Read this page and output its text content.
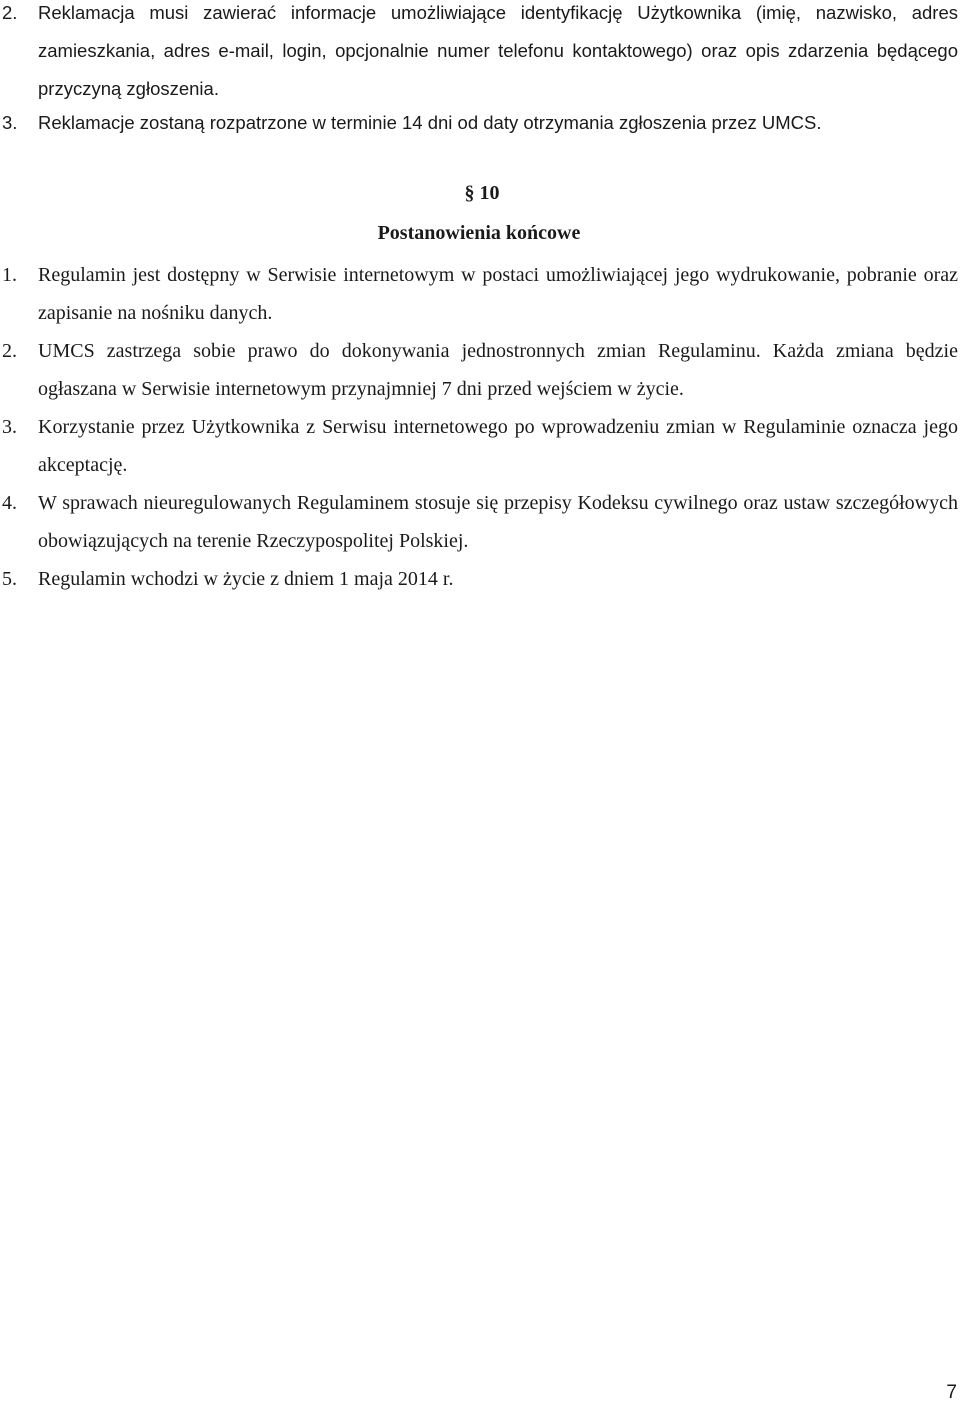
2.	Reklamacja musi zawierać informacje umożliwiające identyfikację Użytkownika (imię, nazwisko, adres zamieszkania, adres e-mail, login, opcjonalnie numer telefonu kontaktowego) oraz opis zdarzenia będącego przyczyną zgłoszenia.
3.	Reklamacje zostaną rozpatrzone w terminie 14 dni od daty otrzymania zgłoszenia przez UMCS.
§ 10
Postanowienia końcowe
1.	Regulamin jest dostępny w Serwisie internetowym w postaci umożliwiającej jego wydrukowanie, pobranie oraz zapisanie na nośniku danych.
2.	UMCS zastrzega sobie prawo do dokonywania jednostronnych zmian Regulaminu. Każda zmiana będzie ogłaszana w Serwisie internetowym przynajmniej 7 dni przed wejściem w życie.
3.	Korzystanie przez Użytkownika z Serwisu internetowego po wprowadzeniu zmian w Regulaminie oznacza jego akceptację.
4.	W sprawach nieuregulowanych Regulaminem stosuje się przepisy Kodeksu cywilnego oraz ustaw szczegółowych obowiązujących na terenie Rzeczypospolitej Polskiej.
5.	Regulamin wchodzi w życie z dniem 1 maja 2014 r.
7
